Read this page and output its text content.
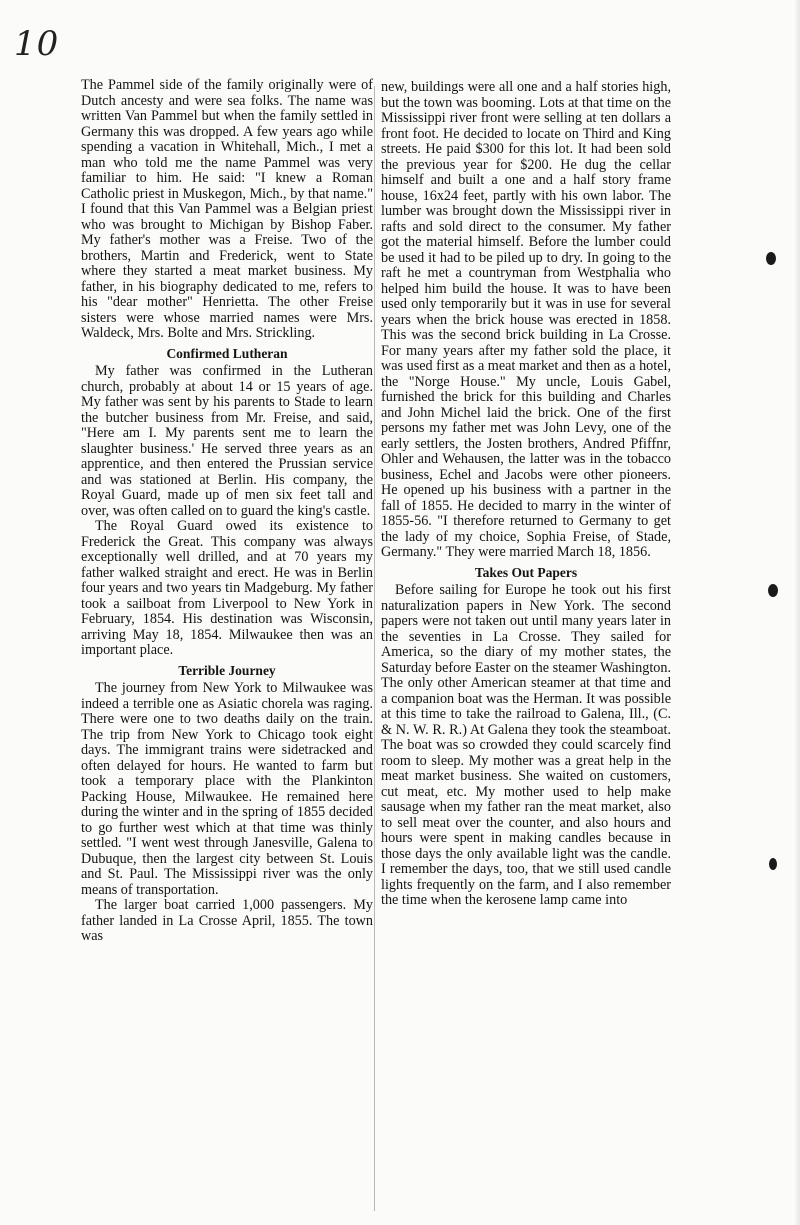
10

The Pammel side of the family originally were of Dutch ancesty and were sea folks. The name was written Van Pammel but when the family settled in Germany this was dropped. A few years ago while spending a vacation in Whitehall, Mich., I met a man who told me the name Pammel was very familiar to him. He said: "I knew a Roman Catholic priest in Muskegon, Mich., by that name." I found that this Van Pammel was a Belgian priest who was brought to Michigan by Bishop Faber. My father's mother was a Freise. Two of the brothers, Martin and Frederick, went to State where they started a meat market business. My father, in his biography dedicated to me, refers to his "dear mother" Henrietta. The other Freise sisters were whose married names were Mrs. Waldeck, Mrs. Bolte and Mrs. Strickling.

Confirmed Lutheran

My father was confirmed in the Lutheran church, probably at about 14 or 15 years of age. My father was sent by his parents to Stade to learn the butcher business from Mr. Freise, and said, "Here am I. My parents sent me to learn the slaughter business.' He served three years as an apprentice, and then entered the Prussian service and was stationed at Berlin. His company, the Royal Guard, made up of men six feet tall and over, was often called on to guard the king's castle.

The Royal Guard owed its existence to Frederick the Great. This company was always exceptionally well drilled, and at 70 years my father walked straight and erect. He was in Berlin four years and two years tin Madgeburg. My father took a sailboat from Liverpool to New York in February, 1854. His destination was Wisconsin, arriving May 18, 1854. Milwaukee then was an important place.

Terrible Journey

The journey from New York to Milwaukee was indeed a terrible one as Asiatic chorela was raging. There were one to two deaths daily on the train. The trip from New York to Chicago took eight days. The immigrant trains were sidetracked and often delayed for hours. He wanted to farm but took a temporary place with the Plankinton Packing House, Milwaukee. He remained here during the winter and in the spring of 1855 decided to go further west which at that time was thinly settled. "I went west through Janesville, Galena to Dubuque, then the largest city between St. Louis and St. Paul. The Mississippi river was the only means of transportation.

The larger boat carried 1,000 passengers. My father landed in La Crosse April, 1855. The town was

new, buildings were all one and a half stories high, but the town was booming. Lots at that time on the Mississippi river front were selling at ten dollars a front foot. He decided to locate on Third and King streets. He paid $300 for this lot. It had been sold the previous year for $200. He dug the cellar himself and built a one and a half story frame house, 16x24 feet, partly with his own labor. The lumber was brought down the Mississippi river in rafts and sold direct to the consumer. My father got the material himself. Before the lumber could be used it had to be piled up to dry. In going to the raft he met a countryman from Westphalia who helped him build the house. It was to have been used only temporarily but it was in use for several years when the brick house was erected in 1858. This was the second brick building in La Crosse. For many years after my father sold the place, it was used first as a meat market and then as a hotel, the "Norge House." My uncle, Louis Gabel, furnished the brick for this building and Charles and John Michel laid the brick. One of the first persons my father met was John Levy, one of the early settlers, the Josten brothers, Andred Pfiffnr, Ohler and Wehausen, the latter was in the tobacco business, Echel and Jacobs were other pioneers. He opened up his business with a partner in the fall of 1855. He decided to marry in the winter of 1855-56. "I therefore returned to Germany to get the lady of my choice, Sophia Freise, of Stade, Germany." They were married March 18, 1856.

Takes Out Papers

Before sailing for Europe he took out his first naturalization papers in New York. The second papers were not taken out until many years later in the seventies in La Crosse. They sailed for America, so the diary of my mother states, the Saturday before Easter on the steamer Washington. The only other American steamer at that time and a companion boat was the Herman. It was possible at this time to take the railroad to Galena, Ill., (C. & N. W. R. R.) At Galena they took the steamboat. The boat was so crowded they could scarcely find room to sleep. My mother was a great help in the meat market business. She waited on customers, cut meat, etc. My mother used to help make sausage when my father ran the meat market, also to sell meat over the counter, and also hours and hours were spent in making candles because in those days the only available light was the candle. I remember the days, too, that we still used candle lights frequently on the farm, and I also remember the time when the kerosene lamp came into
